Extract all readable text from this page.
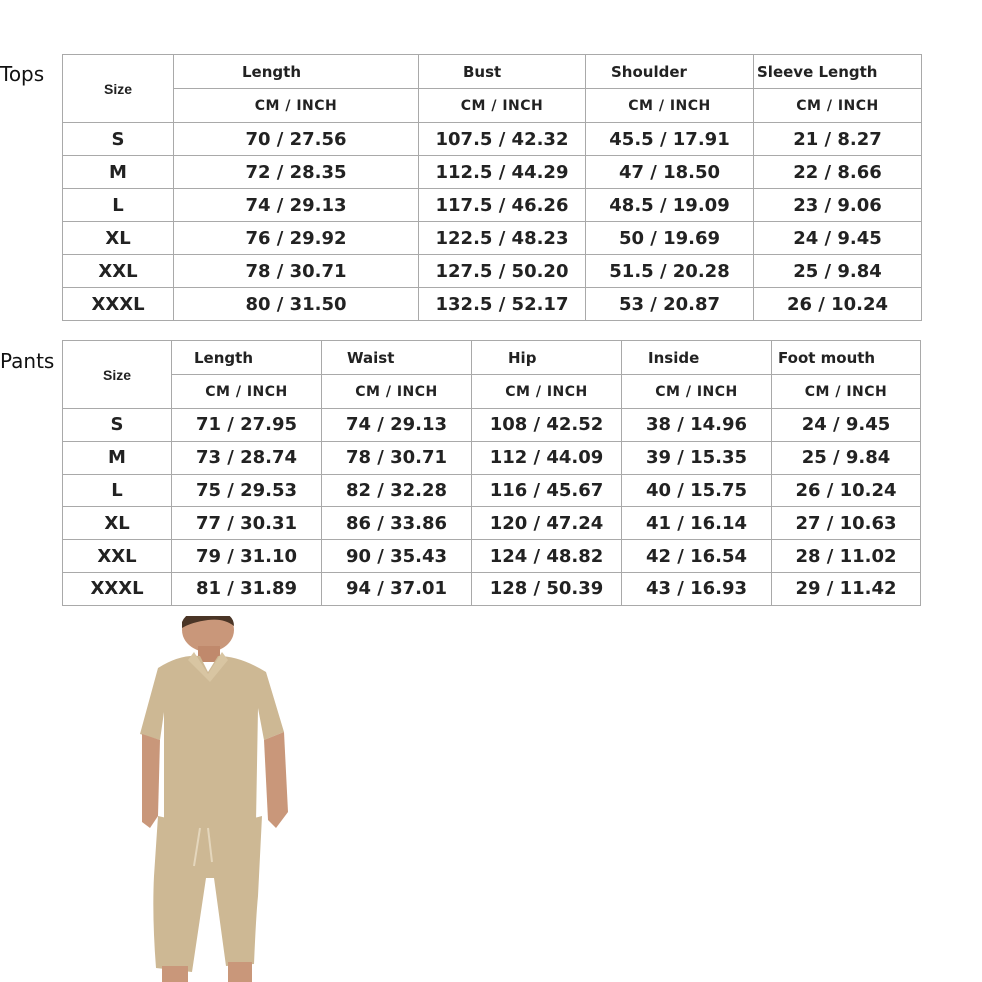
Tops
Size	Length	Bust	Shoulder	Sleeve Length
	CM / INCH	CM / INCH	CM / INCH	CM / INCH
S	70 / 27.56	107.5 / 42.32	45.5 / 17.91	21 / 8.27
M	72 / 28.35	112.5 / 44.29	47 / 18.50	22 / 8.66
L	74 / 29.13	117.5 / 46.26	48.5 / 19.09	23 / 9.06
XL	76 / 29.92	122.5 / 48.23	50 / 19.69	24 / 9.45
XXL	78 / 30.71	127.5 / 50.20	51.5 / 20.28	25 / 9.84
XXXL	80 / 31.50	132.5 / 52.17	53 / 20.87	26 / 10.24
Pants
Size	Length	Waist	Hip	Inside	Foot mouth
	CM / INCH	CM / INCH	CM / INCH	CM / INCH	CM / INCH
S	71 / 27.95	74 / 29.13	108 / 42.52	38 / 14.96	24 / 9.45
M	73 / 28.74	78 / 30.71	112 / 44.09	39 / 15.35	25 / 9.84
L	75 / 29.53	82 / 32.28	116 / 45.67	40 / 15.75	26 / 10.24
XL	77 / 30.31	86 / 33.86	120 / 47.24	41 / 16.14	27 / 10.63
XXL	79 / 31.10	90 / 35.43	124 / 48.82	42 / 16.54	28 / 11.02
XXXL	81 / 31.89	94 / 37.01	128 / 50.39	43 / 16.93	29 / 11.42
